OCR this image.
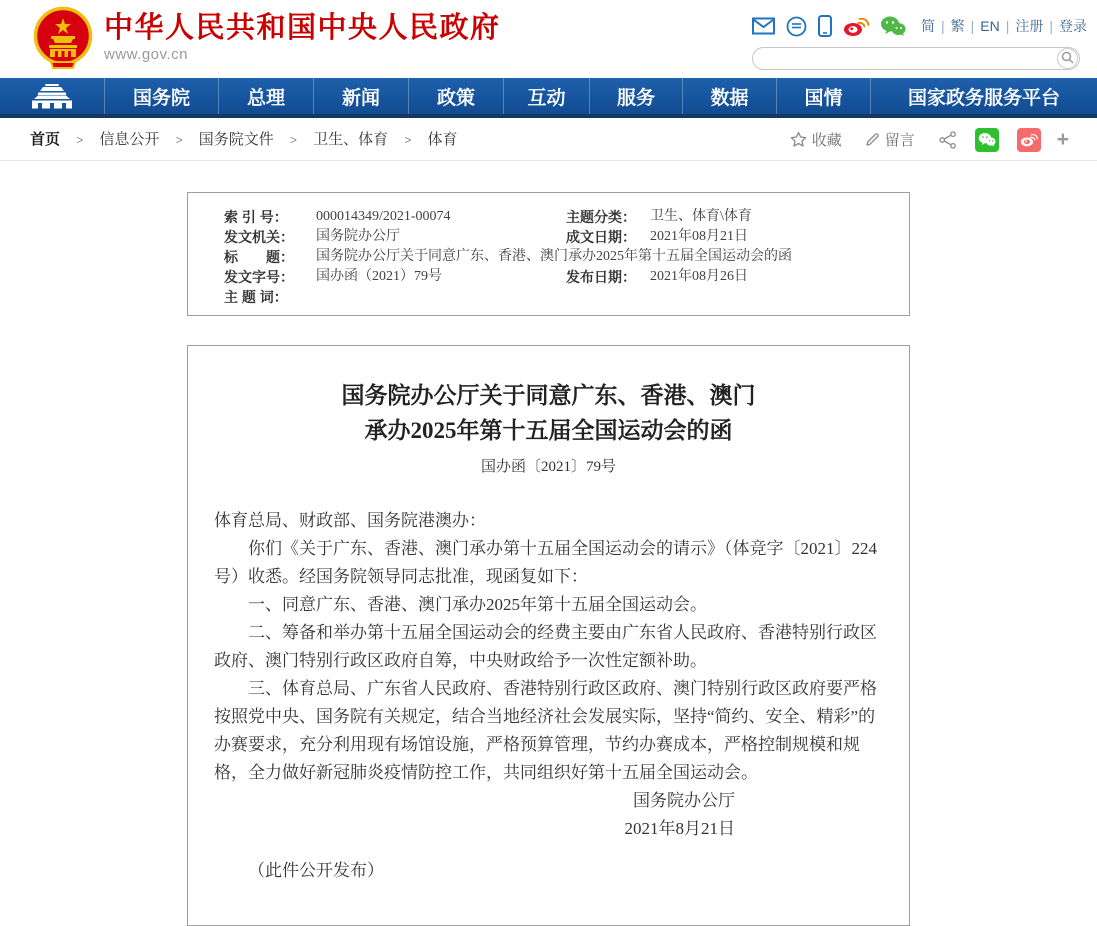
中华人民共和国中央人民政府
www.gov.cn
简 | 繁 | EN | 注册 | 登录
国务院	总理	新闻	政策	互动	服务	数据	国情	国家政务服务平台
首页 > 信息公开 > 国务院文件 > 卫生、体育 > 体育	收藏	留言	+
索 引 号：	000014349/2021-00074	主题分类：	卫生、体育\体育
发文机关：	国务院办公厅	成文日期：	2021年08月21日
标　　题：	国务院办公厅关于同意广东、香港、澳门承办2025年第十五届全国运动会的函		
发文字号：	国办函（2021）79号	发布日期：	2021年08月26日
主 题 词：			
国务院办公厅关于同意广东、香港、澳门
承办2025年第十五届全国运动会的函
国办函〔2021〕79号

体育总局、财政部、国务院港澳办：

你们《关于广东、香港、澳门承办第十五届全国运动会的请示》（体竞字〔2021〕224号）收悉。经国务院领导同志批准，现函复如下：

一、同意广东、香港、澳门承办2025年第十五届全国运动会。

二、筹备和举办第十五届全国运动会的经费主要由广东省人民政府、香港特别行政区政府、澳门特别行政区政府自筹，中央财政给予一次性定额补助。

三、体育总局、广东省人民政府、香港特别行政区政府、澳门特别行政区政府要严格按照党中央、国务院有关规定，结合当地经济社会发展实际，坚持“简约、安全、精彩”的办赛要求，充分利用现有场馆设施，严格预算管理，节约办赛成本，严格控制规模和规格，全力做好新冠肺炎疫情防控工作，共同组织好第十五届全国运动会。

国务院办公厅

2021年8月21日

（此件公开发布）
